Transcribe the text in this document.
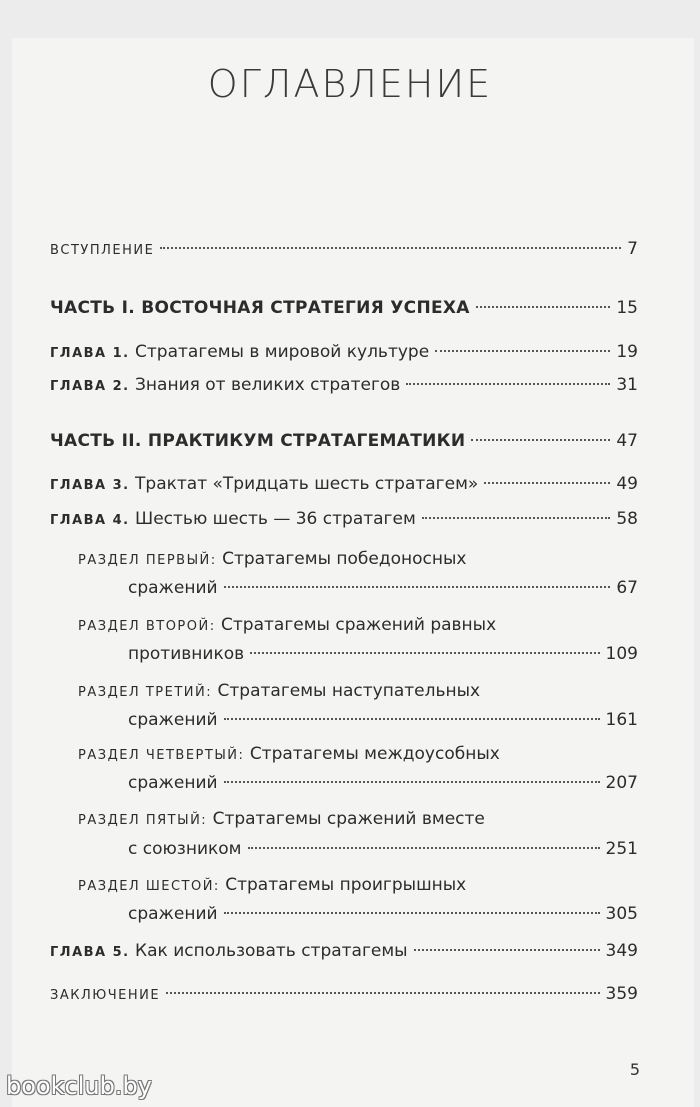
ОГЛАВЛЕНИЕ
ВСТУПЛЕНИЕ	7
ЧАСТЬ I. ВОСТОЧНАЯ СТРАТЕГИЯ УСПЕХА	15
ГЛАВА 1. Стратагемы в мировой культуре	19
ГЛАВА 2. Знания от великих стратегов	31
ЧАСТЬ II. ПРАКТИКУМ СТРАТАГЕМАТИКИ	47
ГЛАВА 3. Трактат «Тридцать шесть стратагем»	49
ГЛАВА 4. Шестью шесть — 36 стратагем	58
РАЗДЕЛ ПЕРВЫЙ: Стратагемы победоносных
сражений	67
РАЗДЕЛ ВТОРОЙ: Стратагемы сражений равных
противников	109
РАЗДЕЛ ТРЕТИЙ: Стратагемы наступательных
сражений	161
РАЗДЕЛ ЧЕТВЕРТЫЙ: Стратагемы междоусобных
сражений	207
РАЗДЕЛ ПЯТЫЙ: Стратагемы сражений вместе
с союзником	251
РАЗДЕЛ ШЕСТОЙ: Стратагемы проигрышных
сражений	305
ГЛАВА 5. Как использовать стратагемы	349
ЗАКЛЮЧЕНИЕ	359
5
bookclub.by
